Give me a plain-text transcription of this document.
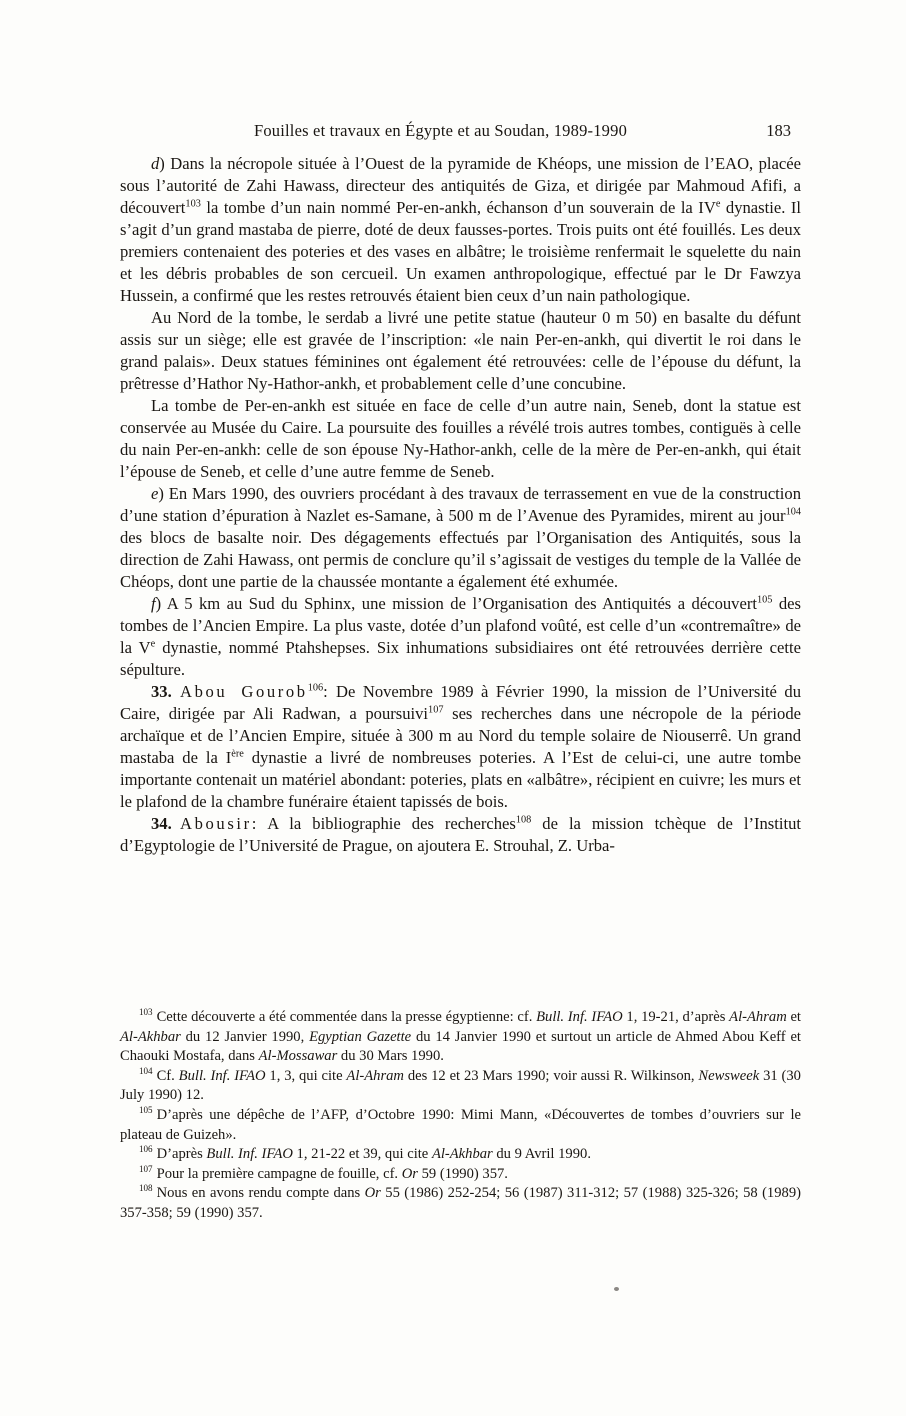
Fouilles et travaux en Égypte et au Soudan, 1989-1990	183

d) Dans la nécropole située à l’Ouest de la pyramide de Khéops, une mission de l’EAO, placée sous l’autorité de Zahi Hawass, directeur des antiquités de Giza, et dirigée par Mahmoud Afifi, a découvert$^{103}$ la tombe d’un nain nommé Per-en-ankh, échanson d’un souverain de la IVe dynastie. Il s’agit d’un grand mastaba de pierre, doté de deux fausses-portes. Trois puits ont été fouillés. Les deux premiers contenaient des poteries et des vases en albâtre; le troisième renfermait le squelette du nain et les débris probables de son cercueil. Un examen anthropologique, effectué par le Dr Fawzya Hussein, a confirmé que les restes retrouvés étaient bien ceux d’un nain pathologique.

Au Nord de la tombe, le serdab a livré une petite statue (hauteur 0 m 50) en basalte du défunt assis sur un siège; elle est gravée de l’inscription: «le nain Per-en-ankh, qui divertit le roi dans le grand palais». Deux statues féminines ont également été retrouvées: celle de l’épouse du défunt, la prêtresse d’Hathor Ny-Hathor-ankh, et probablement celle d’une concubine.

La tombe de Per-en-ankh est située en face de celle d’un autre nain, Seneb, dont la statue est conservée au Musée du Caire. La poursuite des fouilles a révélé trois autres tombes, contiguës à celle du nain Per-en-ankh: celle de son épouse Ny-Hathor-ankh, celle de la mère de Per-en-ankh, qui était l’épouse de Seneb, et celle d’une autre femme de Seneb.

e) En Mars 1990, des ouvriers procédant à des travaux de terrassement en vue de la construction d’une station d’épuration à Nazlet es-Samane, à 500 m de l’Avenue des Pyramides, mirent au jour$^{104}$ des blocs de basalte noir. Des dégagements effectués par l’Organisation des Antiquités, sous la direction de Zahi Hawass, ont permis de conclure qu’il s’agissait de vestiges du temple de la Vallée de Chéops, dont une partie de la chaussée montante a également été exhumée.

f) A 5 km au Sud du Sphinx, une mission de l’Organisation des Antiquités a découvert$^{105}$ des tombes de l’Ancien Empire. La plus vaste, dotée d’un plafond voûté, est celle d’un «contremaître» de la Ve dynastie, nommé Ptahshepses. Six inhumations subsidiaires ont été retrouvées derrière cette sépulture.

33.  Abou Gourob$^{106}$: De Novembre 1989 à Février 1990, la mission de l’Université du Caire, dirigée par Ali Radwan, a poursuivi$^{107}$ ses recherches dans une nécropole de la période archaïque et de l’Ancien Empire, située à 300 m au Nord du temple solaire de Niouserrê. Un grand mastaba de la Ière dynastie a livré de nombreuses poteries. A l’Est de celui-ci, une autre tombe importante contenait un matériel abondant: poteries, plats en «albâtre», récipient en cuivre; les murs et le plafond de la chambre funéraire étaient tapissés de bois.

34.  Abousir: A la bibliographie des recherches$^{108}$ de la mission tchèque de l’Institut d’Egyptologie de l’Université de Prague, on ajoutera E. Strouhal, Z. Urba-

$^{103}$ Cette découverte a été commentée dans la presse égyptienne: cf. Bull. Inf. IFAO 1, 19-21, d’après Al-Ahram et Al-Akhbar du 12 Janvier 1990, Egyptian Gazette du 14 Janvier 1990 et surtout un article de Ahmed Abou Keff et Chaouki Mostafa, dans Al-Mossawar du 30 Mars 1990.

$^{104}$ Cf. Bull. Inf. IFAO 1, 3, qui cite Al-Ahram des 12 et 23 Mars 1990; voir aussi R. Wilkinson, Newsweek 31 (30 July 1990) 12.

$^{105}$ D’après une dépêche de l’AFP, d’Octobre 1990: Mimi Mann, «Découvertes de tombes d’ouvriers sur le plateau de Guizeh».

$^{106}$ D’après Bull. Inf. IFAO 1, 21-22 et 39, qui cite Al-Akhbar du 9 Avril 1990.

$^{107}$ Pour la première campagne de fouille, cf. Or 59 (1990) 357.

$^{108}$ Nous en avons rendu compte dans Or 55 (1986) 252-254; 56 (1987) 311-312; 57 (1988) 325-326; 58 (1989) 357-358; 59 (1990) 357.
